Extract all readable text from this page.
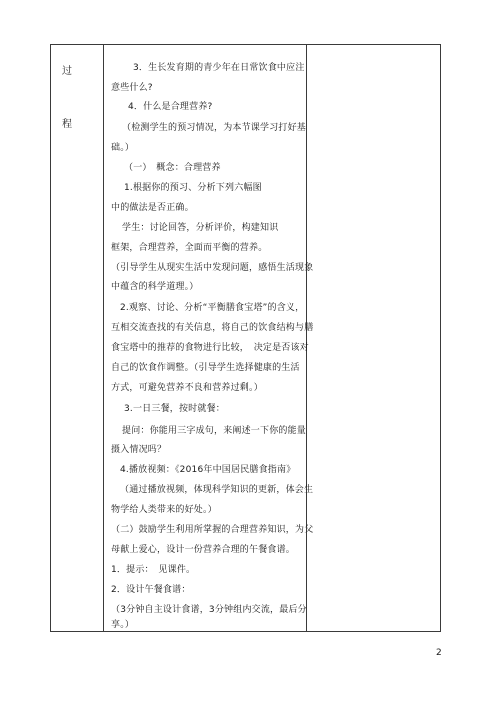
过
程
3．生长发育期的青少年在日常饮食中应注
意些什么?
4．什么是合理营养?
（检测学生的预习情况，为本节课学习打好基
础。）
（一）　概念：合理营养
1.根据你的预习、分析下列六幅图
中的做法是否正确。
学生：讨论回答，分析评价，构建知识
框架，合理营养，全面而平衡的营养。
（引导学生从现实生活中发现问题，感悟生活现象
中蕴含的科学道理。）
2.观察、讨论、分析“平衡膳食宝塔”的含义，
互相交流查找的有关信息，将自己的饮食结构与膳
食宝塔中的推荐的食物进行比较，　决定是否该对
自己的饮食作调整。（引导学生选择健康的生活
方式，可避免营养不良和营养过剩。）
3.一日三餐，按时就餐：
提问：你能用三字成句，来阐述一下你的能量
摄入情况吗？
4.播放视频：《2016年中国居民膳食指南》
（通过播放视频，体现科学知识的更新，体会生
物学给人类带来的好处。）
（二）鼓励学生利用所掌握的合理营养知识，为父
母献上爱心，设计一份营养合理的午餐食谱。
1．提示：　见课件。
2．设计午餐食谱：
（3分钟自主设计食谱，3分钟组内交流，最后分
享。）
2
